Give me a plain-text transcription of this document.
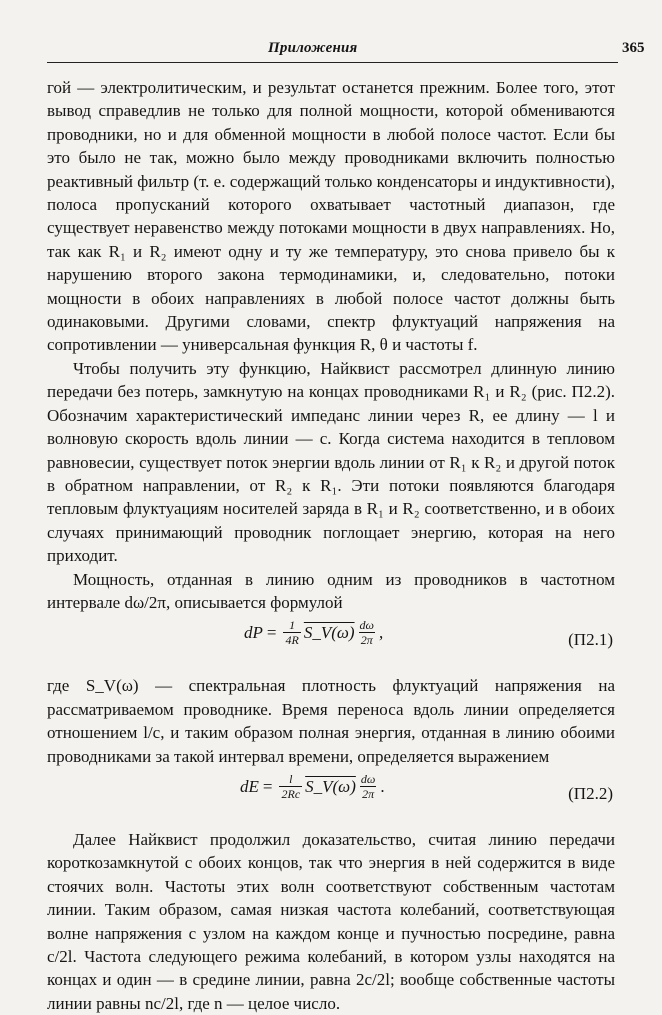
Приложения	365

гой — электролитическим, и результат останется прежним. Более того, этот вывод справедлив не только для полной мощности, которой обмениваются проводники, но и для обменной мощности в любой полосе частот. Если бы это было не так, можно было между проводниками включить полностью реактивный фильтр (т. е. содержащий только конденсаторы и индуктивности), полоса пропусканий которого охватывает частотный диапазон, где существует неравенство между потоками мощности в двух направлениях. Но, так как R₁ и R₂ имеют одну и ту же температуру, это снова привело бы к нарушению второго закона термодинамики, и, следовательно, потоки мощности в обоих направлениях в любой полосе частот должны быть одинаковыми. Другими словами, спектр флуктуаций напряжения на сопротивлении — универсальная функция R, θ и частоты f.

Чтобы получить эту функцию, Найквист рассмотрел длинную линию передачи без потерь, замкнутую на концах проводниками R₁ и R₂ (рис. П2.2). Обозначим характеристический импеданс линии через R, ее длину — l и волновую скорость вдоль линии — c. Когда система находится в тепловом равновесии, существует поток энергии вдоль линии от R₁ к R₂ и другой поток в обратном направлении, от R₂ к R₁. Эти потоки появляются благодаря тепловым флуктуациям носителей заряда в R₁ и R₂ соответственно, и в обоих случаях принимающий проводник поглощает энергию, которая на него приходит.

Мощность, отданная в линию одним из проводников в частотном интервале dω/2π, описывается формулой

dP = $\frac{1}{4R}$ S_V(ω) $\frac{d\omega}{2\pi}$ ,	(П2.1)

где S_V(ω) — спектральная плотность флуктуаций напряжения на рассматриваемом проводнике. Время переноса вдоль линии определяется отношением l/c, и таким образом полная энергия, отданная в линию обоими проводниками за такой интервал времени, определяется выражением

dE = $\frac{l}{2Rc}$ S_V(ω) $\frac{d\omega}{2\pi}$ .	(П2.2)

Далее Найквист продолжил доказательство, считая линию передачи короткозамкнутой с обоих концов, так что энергия в ней содержится в виде стоячих волн. Частоты этих волн соответствуют собственным частотам линии. Таким образом, самая низкая частота колебаний, соответствующая волне напряжения с узлом на каждом конце и пучностью посредине, равна c/2l. Частота следующего режима колебаний, в котором узлы находятся на концах и один — в средине линии, равна 2c/2l; вообще собственные частоты линии равны nc/2l, где n — целое число.
